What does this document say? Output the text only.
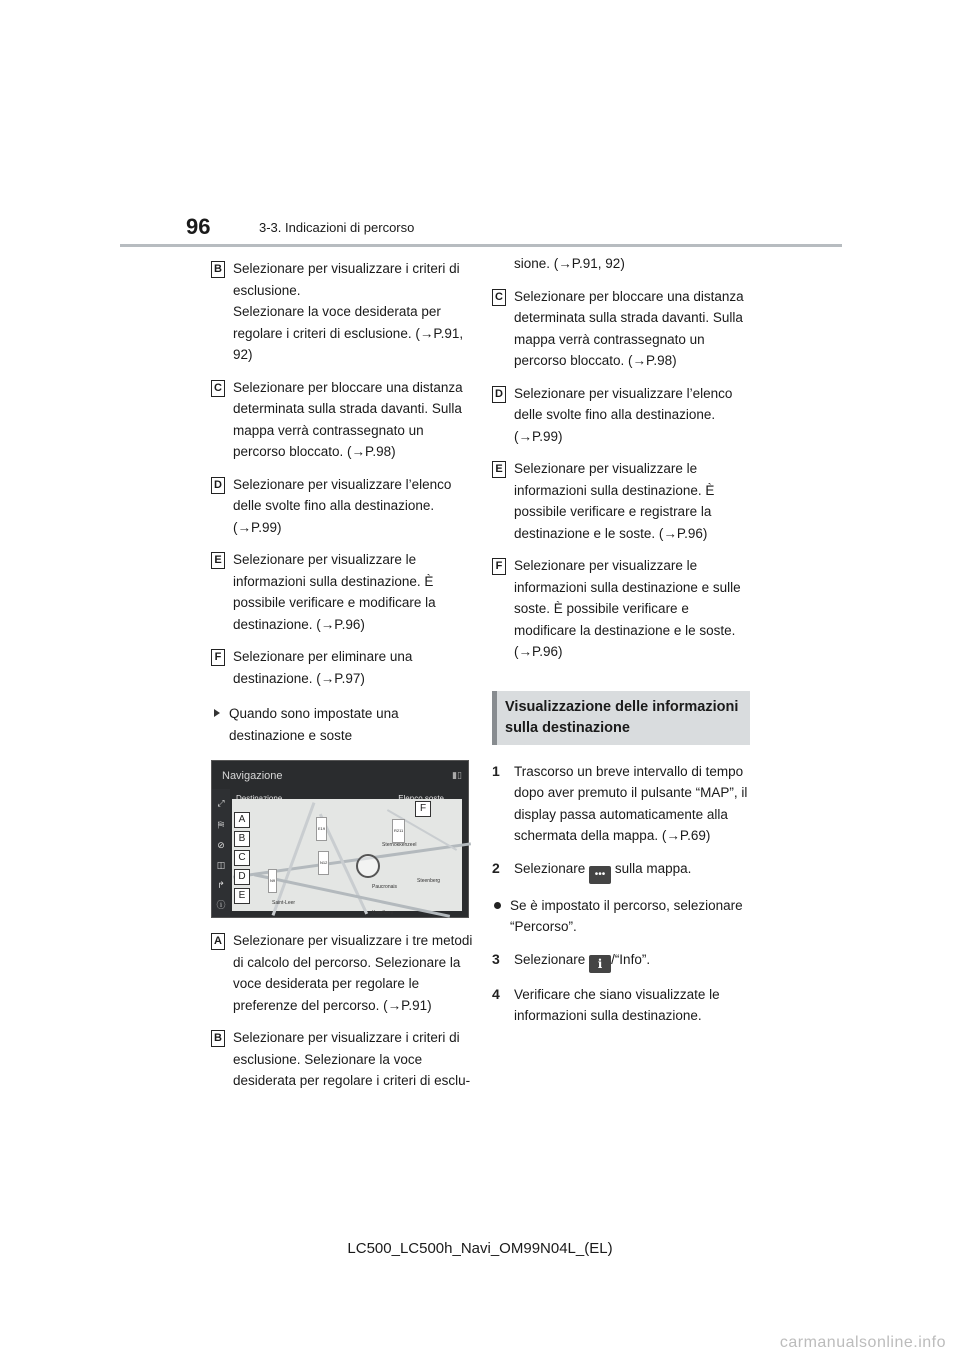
96	3-3. Indicazioni di percorso
B Selezionare per visualizzare i criteri di esclusione.
Selezionare la voce desiderata per regolare i criteri di esclusione. (→P.91, 92)
C Selezionare per bloccare una distanza determinata sulla strada davanti. Sulla mappa verrà contrassegnato un percorso bloccato. (→P.98)
D Selezionare per visualizzare l’elenco delle svolte fino alla destinazione. (→P.99)
E Selezionare per visualizzare le informazioni sulla destinazione. È possibile verificare e modificare la destinazione. (→P.96)
F Selezionare per eliminare una destinazione. (→P.97)
Quando sono impostate una destinazione e soste
Navigazione	▮▯
⤢
⛿
⊘
◫
↱
ⓘ
Sternokkenzeel
Steenberg
Paucronais
Saint-Leer
Kraalkenr
E19	R211
N12
N9
A
B
C
D
E
F
A Selezionare per visualizzare i tre metodi di calcolo del percorso. Selezionare la voce desiderata per regolare le preferenze del percorso. (→P.91)
B Selezionare per visualizzare i criteri di esclusione. Selezionare la voce desiderata per regolare i criteri di esclu-
sione. (→P.91, 92)
C Selezionare per bloccare una distanza determinata sulla strada davanti. Sulla mappa verrà contrassegnato un percorso bloccato. (→P.98)
D Selezionare per visualizzare l’elenco delle svolte fino alla destinazione. (→P.99)
E Selezionare per visualizzare le informazioni sulla destinazione. È possibile verificare e registrare la destinazione e le soste. (→P.96)
F Selezionare per visualizzare le informazioni sulla destinazione e sulle soste. È possibile verificare e modificare la destinazione e le soste. (→P.96)
Visualizzazione delle informazioni sulla destinazione
1 Trascorso un breve intervallo di tempo dopo aver premuto il pulsante “MAP”, il display passa automaticamente alla schermata della mappa. (→P.69)
2 Selezionare ••• sulla mappa.
Se è impostato il percorso, selezionare “Percorso”.
3 Selezionare i /“Info”.
4 Verificare che siano visualizzate le informazioni sulla destinazione.
LC500_LC500h_Navi_OM99N04L_(EL)
carmanualsonline.info
